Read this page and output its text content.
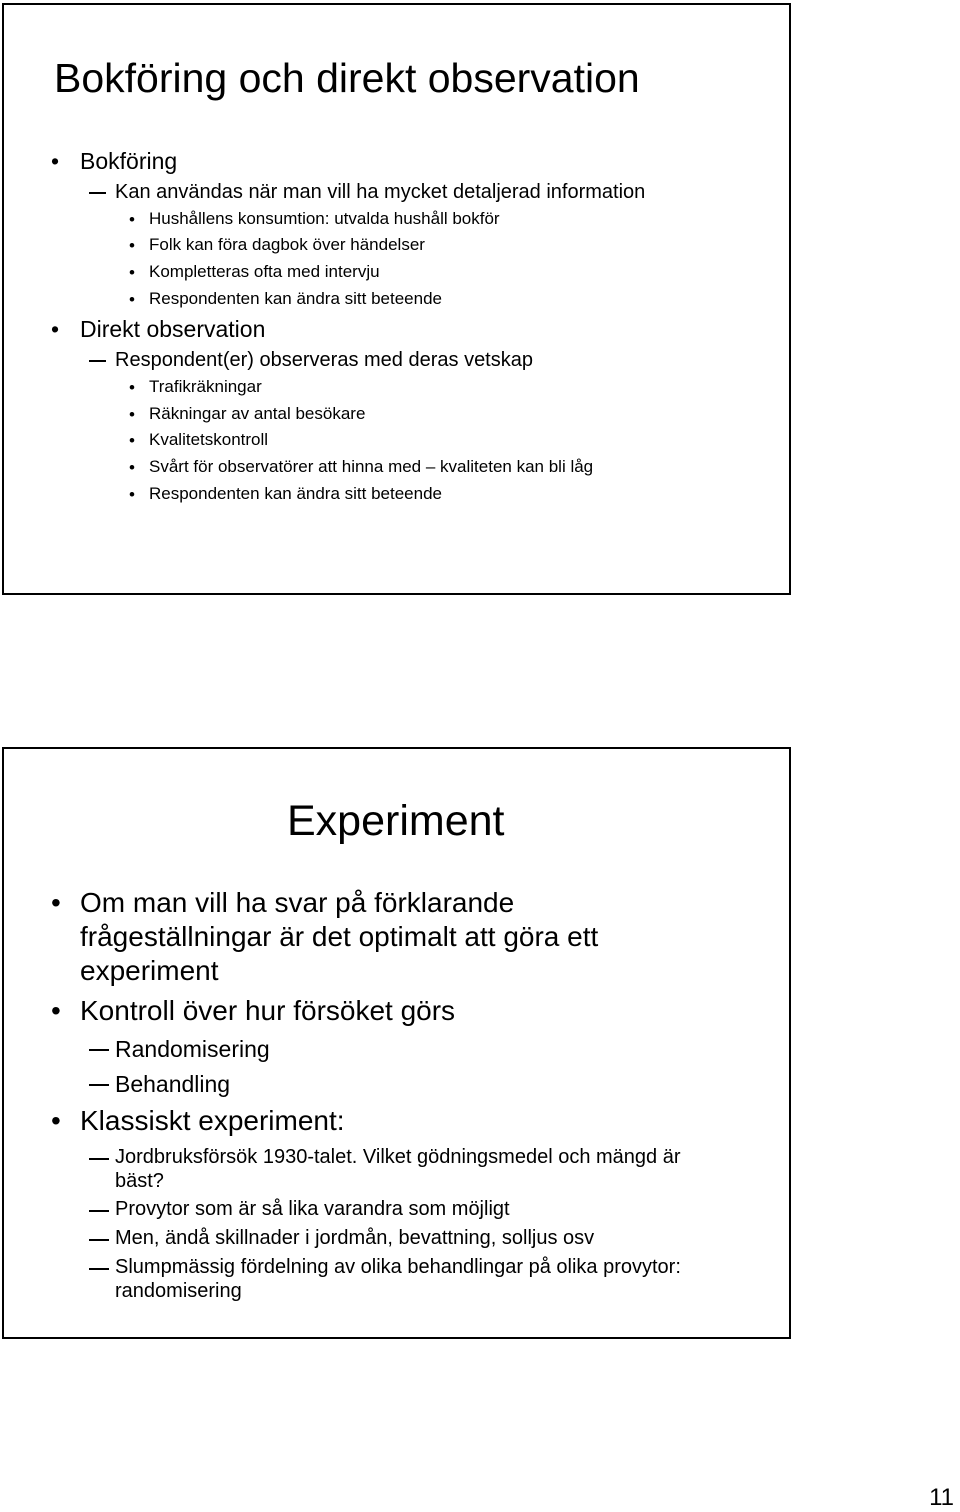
Bokföring och direkt observation
• Bokföring
Kan användas när man vill ha mycket detaljerad information
• Hushållens konsumtion: utvalda hushåll bokför
• Folk kan föra dagbok över händelser
• Kompletteras ofta med intervju
• Respondenten kan ändra sitt beteende
• Direkt observation
Respondent(er) observeras med deras vetskap
• Trafikräkningar
• Räkningar av antal besökare
• Kvalitetskontroll
• Svårt för observatörer att hinna med – kvaliteten kan bli låg
• Respondenten kan ändra sitt beteende
Experiment
• Om man vill ha svar på förklarande
frågeställningar är det optimalt att göra ett
experiment
• Kontroll över hur försöket görs
Randomisering
Behandling
• Klassiskt experiment:
Jordbruksförsök 1930-talet. Vilket gödningsmedel och mängd är
bäst?
Provytor som är så lika varandra som möjligt
Men, ändå skillnader i jordmån, bevattning, solljus osv
Slumpmässig fördelning av olika behandlingar på olika provytor:
randomisering
11
